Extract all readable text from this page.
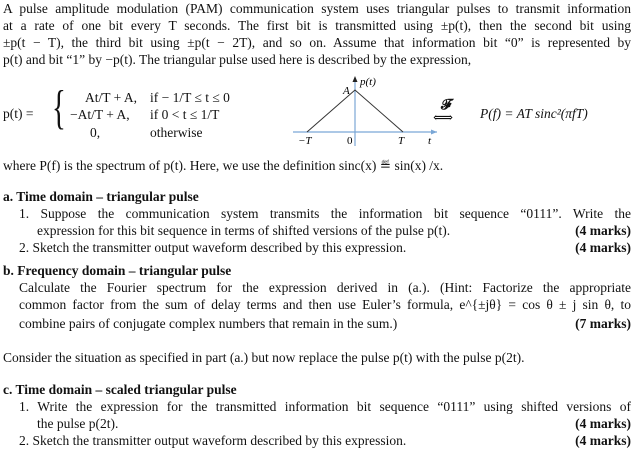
A pulse amplitude modulation (PAM) communication system uses triangular pulses to transmit information
at a rate of one bit every T seconds. The first bit is transmitted using ±p(t), then the second bit using
±p(t − T), the third bit using ±p(t − 2T), and so on. Assume that information bit “0” is represented by
p(t) and bit “1” by −p(t). The triangular pulse used here is described by the expression,
p(t) = { At/T + A, if − 1/T ≤ t ≤ 0
−At/T + A, if 0 < t ≤ 1/T
0,	otherwise
p(t)
A
−T	0	T t
𝓕
⟺ P(f) = AT sinc²(πfT)
where P(f) is the spectrum of p(t). Here, we use the definition sinc(x) ≝ sin(x) /x.
a. Time domain – triangular pulse
1. Suppose the communication system transmits the information bit sequence “0111”. Write the
expression for this bit sequence in terms of shifted versions of the pulse p(t).	(4 marks)
2. Sketch the transmitter output waveform described by this expression.	(4 marks)
b. Frequency domain – triangular pulse
Calculate the Fourier spectrum for the expression derived in (a.). (Hint: Factorize the appropriate
common factor from the sum of delay terms and then use Euler’s formula, e^{±jθ} = cos θ ± j sin θ, to
combine pairs of conjugate complex numbers that remain in the sum.)	(7 marks)
Consider the situation as specified in part (a.) but now replace the pulse p(t) with the pulse p(2t).
c. Time domain – scaled triangular pulse
1. Write the expression for the transmitted information bit sequence “0111” using shifted versions of
the pulse p(2t).	(4 marks)
2. Sketch the transmitter output waveform described by this expression.	(4 marks)
